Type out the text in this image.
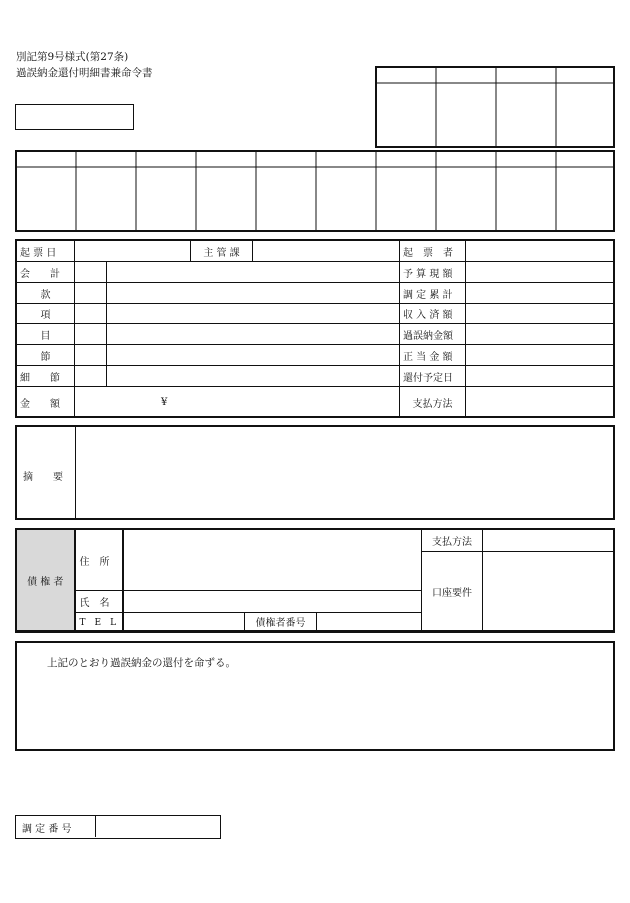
別記第9号様式(第27条)
過誤納金還付明細書兼命令書
起 票 日			主 管 課		起　票　者	
会　　計					予 算 現 額	
款					調 定 累 計	
項					収 入 済 額	
目					過誤納金額	
節					正 当 金 額	
細　　節					還付予定日	
金　　額	¥				支払方法	
摘　　要
債 権 者	住　所				支払方法	
					口座要件	
	氏　名					
	T　E　L		債権者番号			
上記のとおり過誤納金の還付を命ずる。
調 定 番 号
